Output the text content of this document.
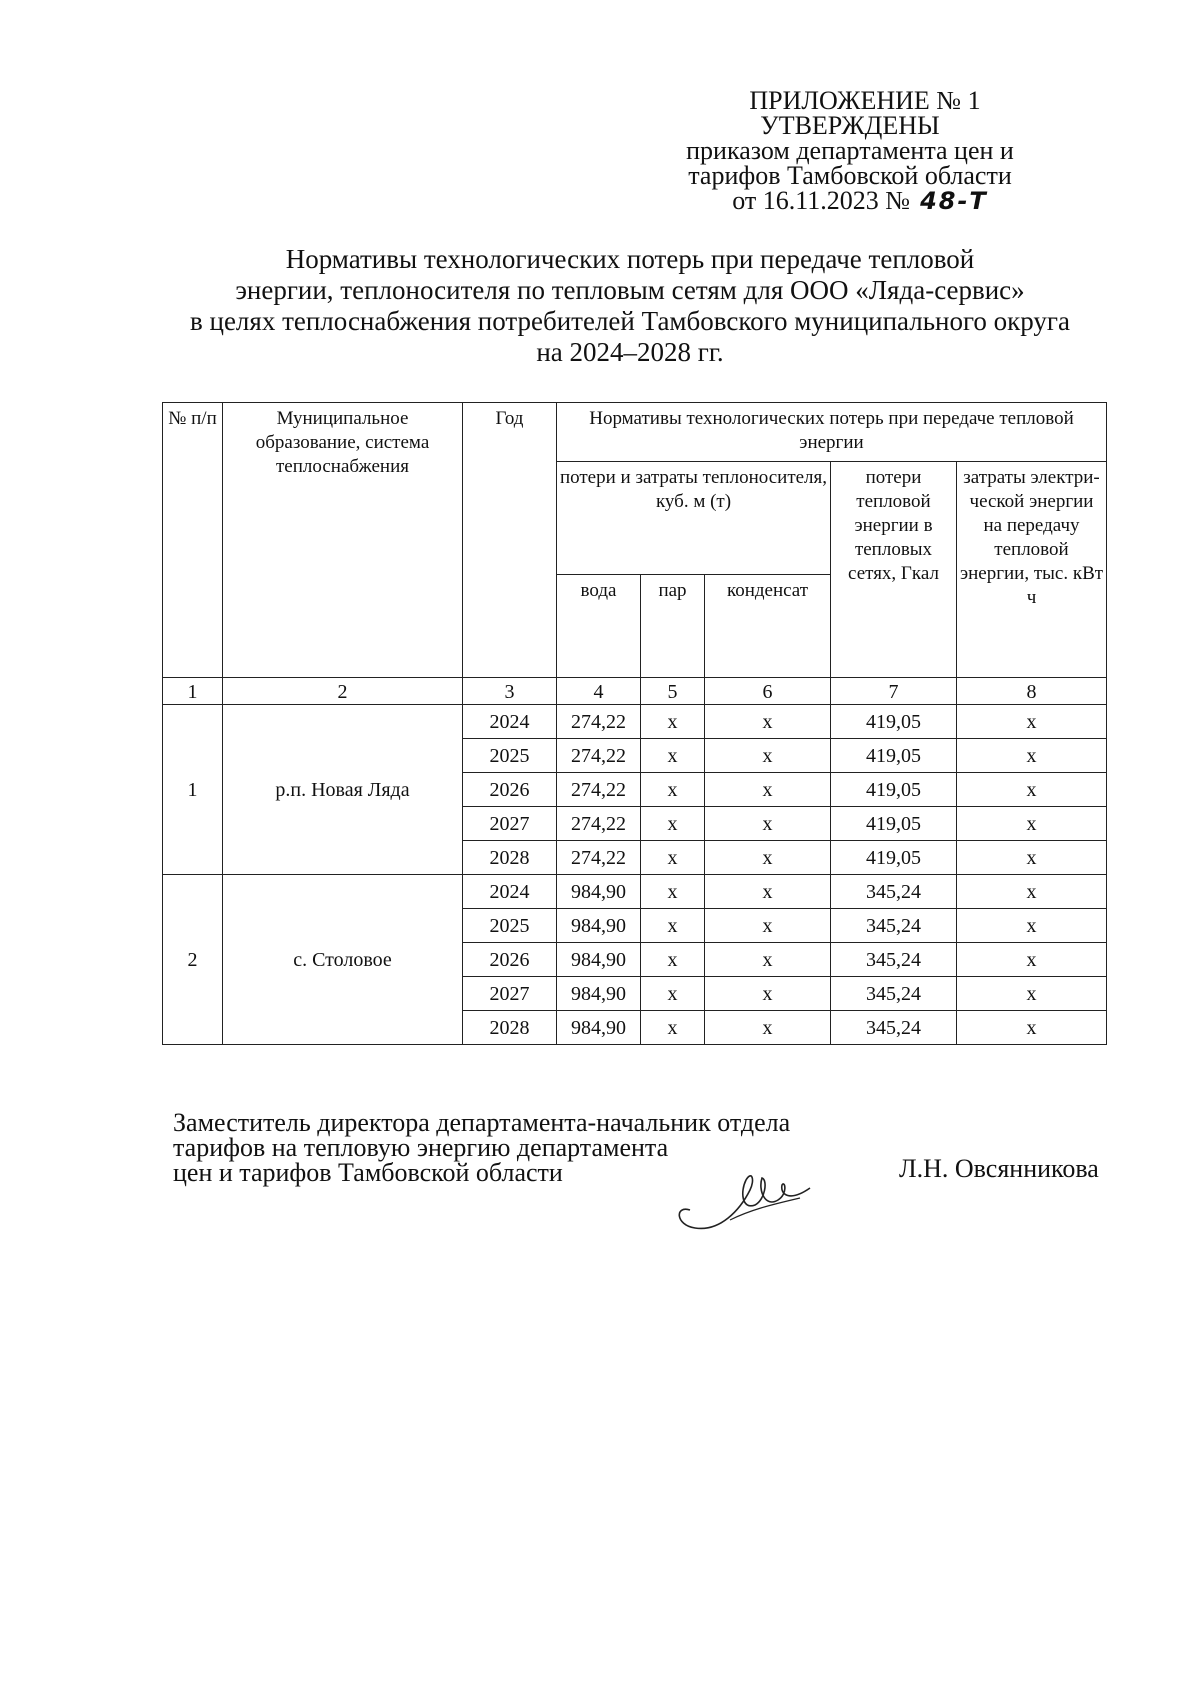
ПРИЛОЖЕНИЕ № 1
УТВЕРЖДЕНЫ
приказом департамента цен и
тарифов Тамбовской области
от 16.11.2023 № 48-Т
Нормативы технологических потерь при передаче тепловой
энергии, теплоносителя по тепловым сетям для ООО «Ляда-сервис»
в целях теплоснабжения потребителей Тамбовского муниципального округа
на 2024–2028 гг.
№ п/п	Муниципальное образование, система теплоснабжения	Год	Нормативы технологических потерь при передаче тепловой энергии				
			потери и затраты теплоносителя, куб. м (т)			потери тепловой энергии в тепловых сетях, Гкал	затраты электри-ческой энергии на передачу тепловой энергии, тыс. кВт ч
			вода	пар	конденсат		
1	2	3	4	5	6	7	8
1	р.п. Новая Ляда	2024	274,22	х	х	419,05	х
		2025	274,22	х	х	419,05	х
		2026	274,22	х	х	419,05	х
		2027	274,22	х	х	419,05	х
		2028	274,22	х	х	419,05	х
2	с. Столовое	2024	984,90	х	х	345,24	х
		2025	984,90	х	х	345,24	х
		2026	984,90	х	х	345,24	х
		2027	984,90	х	х	345,24	х
		2028	984,90	х	х	345,24	х
Заместитель директора департамента-начальник отдела
тарифов на тепловую энергию департамента
цен и тарифов Тамбовской области	Л.Н. Овсянникова
